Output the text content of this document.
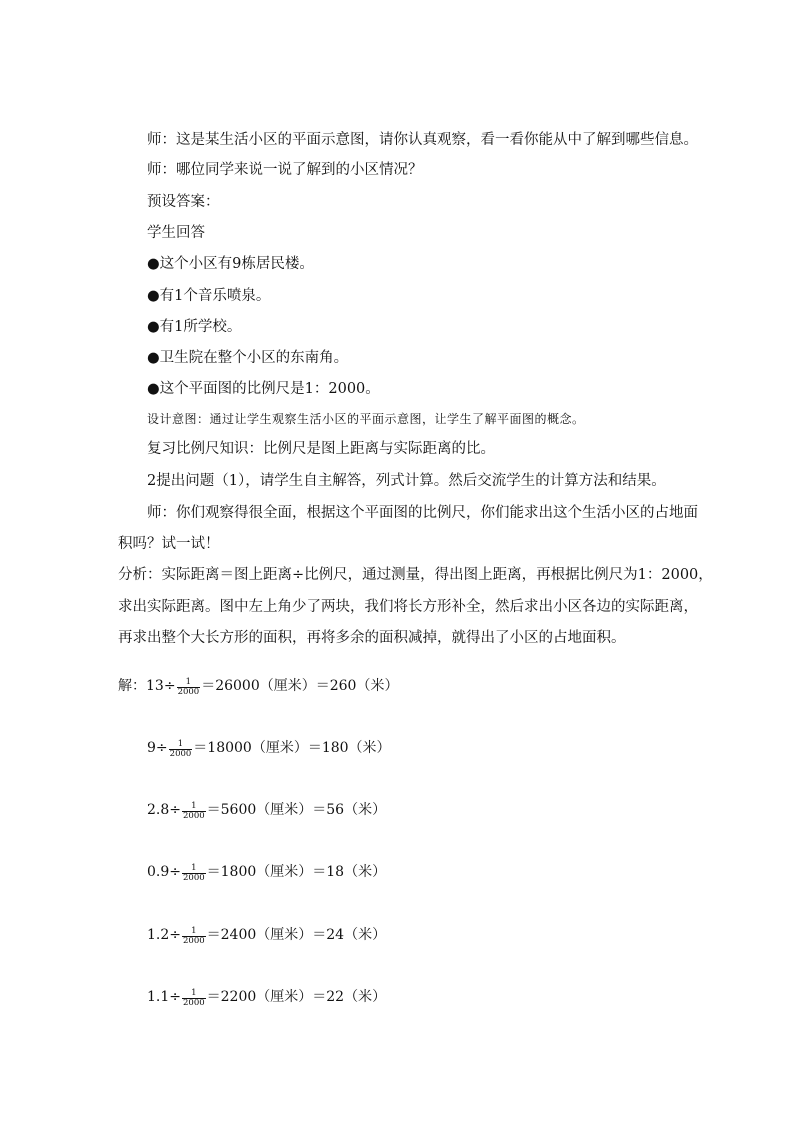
师：这是某生活小区的平面示意图，请你认真观察，看一看你能从中了解到哪些信息。
师：哪位同学来说一说了解到的小区情况？
预设答案：
学生回答
●这个小区有9栋居民楼。
●有1个音乐喷泉。
●有1所学校。
●卫生院在整个小区的东南角。
●这个平面图的比例尺是1：2000。
设计意图：通过让学生观察生活小区的平面示意图，让学生了解平面图的概念。
复习比例尺知识：比例尺是图上距离与实际距离的比。
2提出问题（1），请学生自主解答，列式计算。然后交流学生的计算方法和结果。
师：你们观察得很全面，根据这个平面图的比例尺，你们能求出这个生活小区的占地面
积吗？试一试！
分析：实际距离＝图上距离÷比例尺，通过测量，得出图上距离，再根据比例尺为1：2000，
求出实际距离。图中左上角少了两块，我们将长方形补全，然后求出小区各边的实际距离，
再求出整个大长方形的面积，再将多余的面积减掉，就得出了小区的占地面积。
解： $13 \div \frac{1}{2000} =26000$（厘米）＝260（米）
$9 \div \frac{1}{2000} =18000$（厘米）＝180（米）
$2.8 \div \frac{1}{2000} =5600$（厘米）＝56（米）
$0.9 \div \frac{1}{2000} =1800$（厘米）＝18（米）
$1.2 \div \frac{1}{2000} =2400$（厘米）＝24（米）
$1.1 \div \frac{1}{2000} =2200$（厘米）＝22（米）
